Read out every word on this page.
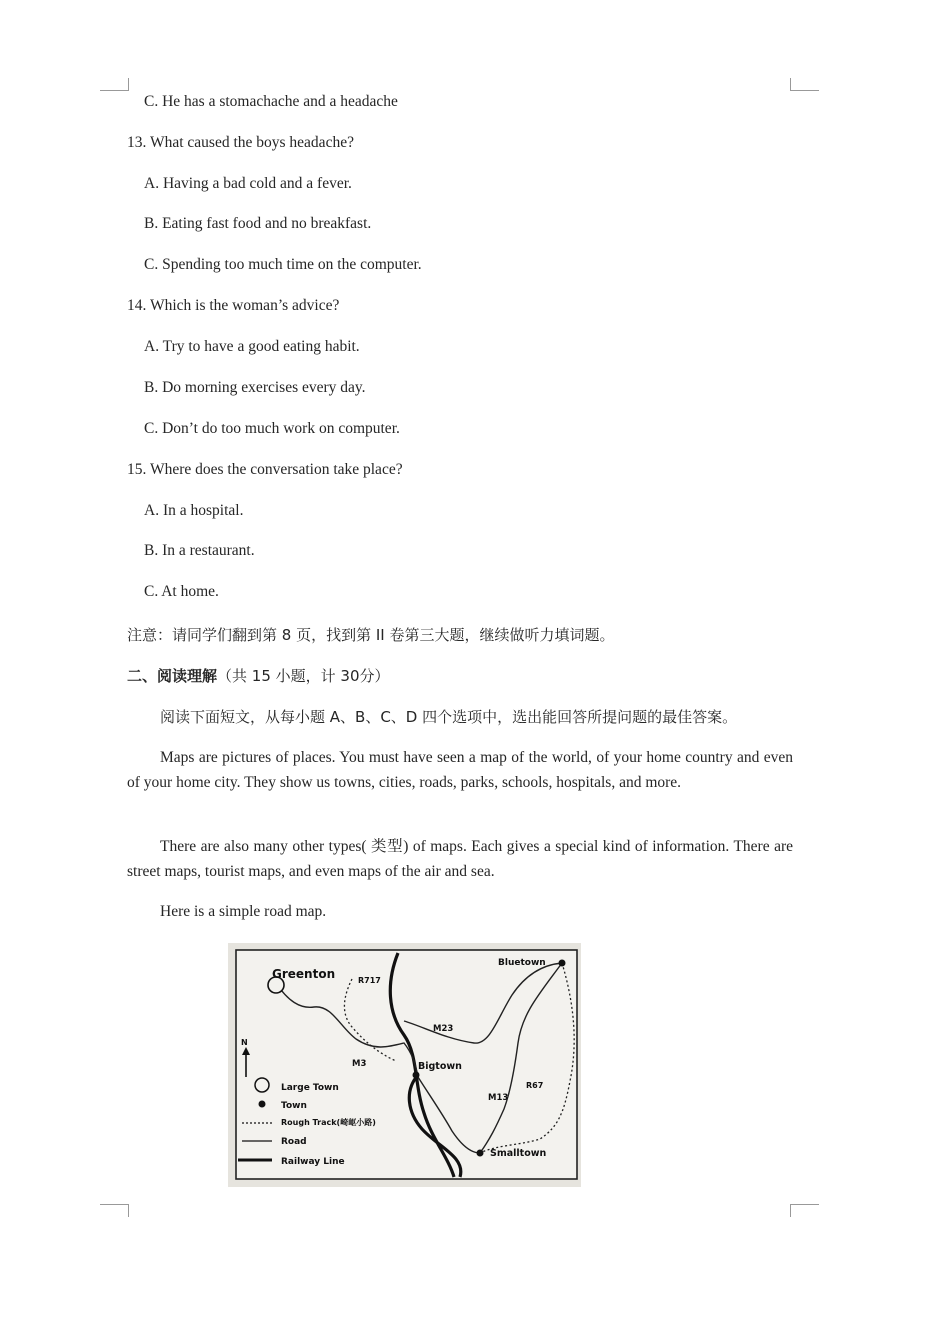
C. He has a stomachache and a headache
13. What caused the boys headache?
A. Having a bad cold and a fever.
B. Eating fast food and no breakfast.
C. Spending too much time on the computer.
14. Which is the woman’s advice?
A. Try to have a good eating habit.
B. Do morning exercises every day.
C. Don’t do too much work on computer.
15. Where does the conversation take place?
A. In a hospital.
B. In a restaurant.
C. At home.
注意：请同学们翻到第 8 页，找到第 II 卷第三大题，继续做听力填词题。
二、阅读理解（共 15 小题，计 30分）
阅读下面短文，从每小题 A、B、C、D 四个选项中，选出能回答所提问题的最佳答案。
Maps are pictures of places. You must have seen a map of the world, of your home country and even of your home city. They show us towns, cities, roads, parks, schools, hospitals, and more.
There are also many other types( 类型) of maps. Each gives a special kind of information. There are street maps, tourist maps, and even maps of the air and sea.
Here is a simple road map.
Greenton
Bluetown
Bigtown
Smalltown
R717
M23
M3
M13
R67
N
Large Town
Town
Rough Track(崎岖小路)
Road
Railway Line
